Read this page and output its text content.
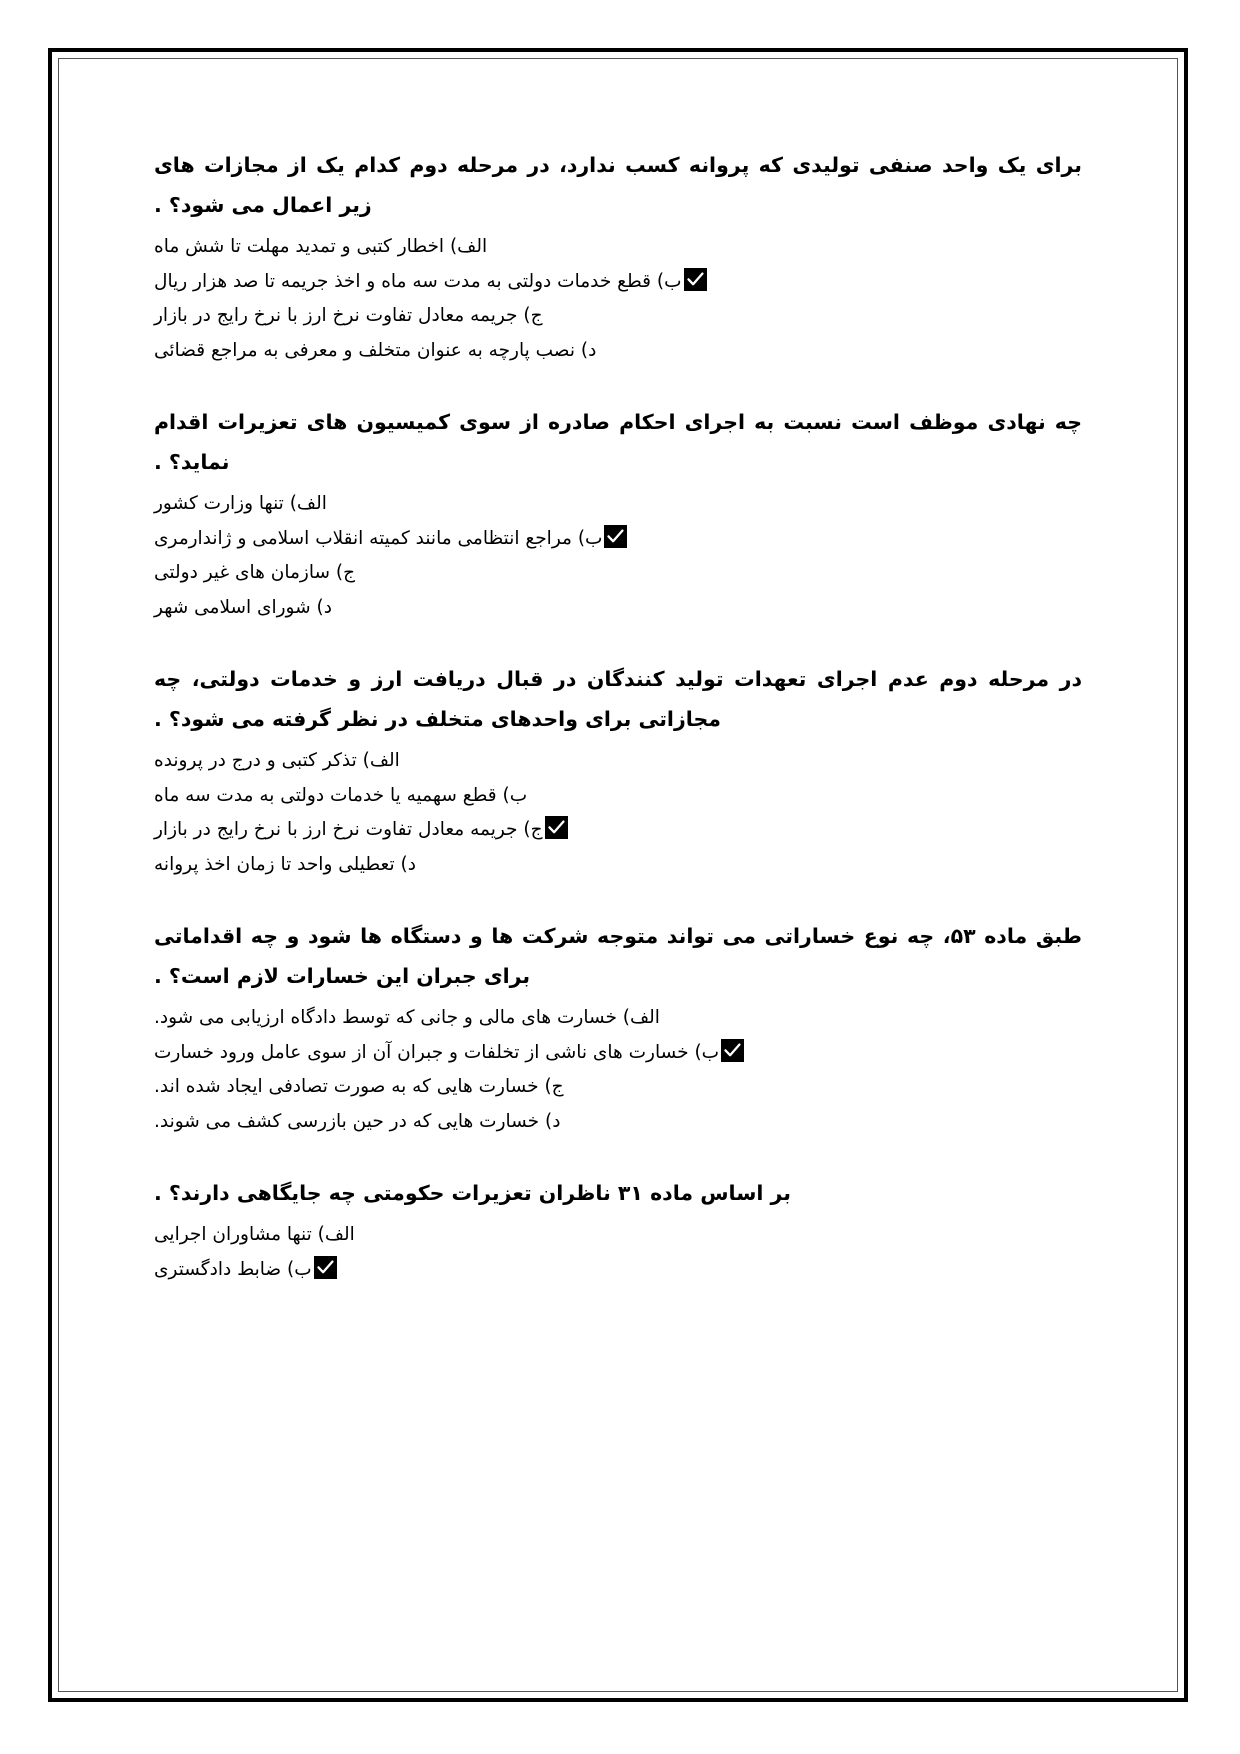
برای یک واحد صنفی تولیدی که پروانه کسب ندارد، در مرحله دوم کدام یک از مجازات های زیر اعمال می شود؟ .

الف) اخطار کتبی و تمدید مهلت تا شش ماه
ب) قطع خدمات دولتی به مدت سه ماه و اخذ جریمه تا صد هزار ریال
ج) جریمه معادل تفاوت نرخ ارز با نرخ رایج در بازار
د) نصب پارچه به عنوان متخلف و معرفی به مراجع قضائی

چه نهادی موظف است نسبت به اجرای احکام صادره از سوی کمیسیون های تعزیرات اقدام نماید؟ .

الف) تنها وزارت کشور
ب) مراجع انتظامی مانند کمیته انقلاب اسلامی و ژاندارمری
ج) سازمان های غیر دولتی
د) شورای اسلامی شهر

در مرحله دوم عدم اجرای تعهدات تولید کنندگان در قبال دریافت ارز و خدمات دولتی، چه مجازاتی برای واحدهای متخلف در نظر گرفته می شود؟ .

الف) تذکر کتبی و درج در پرونده
ب) قطع سهمیه یا خدمات دولتی به مدت سه ماه
ج) جریمه معادل تفاوت نرخ ارز با نرخ رایج در بازار
د) تعطیلی واحد تا زمان اخذ پروانه

طبق ماده ۵۳، چه نوع خساراتی می تواند متوجه شرکت ها و دستگاه ها شود و چه اقداماتی برای جبران این خسارات لازم است؟ .

الف) خسارت های مالی و جانی که توسط دادگاه ارزیابی می شود.
ب) خسارت های ناشی از تخلفات و جبران آن از سوی عامل ورود خسارت
ج) خسارت هایی که به صورت تصادفی ایجاد شده اند.
د) خسارت هایی که در حین بازرسی کشف می شوند.

بر اساس ماده ۳۱ ناظران تعزیرات حکومتی چه جایگاهی دارند؟ .

الف) تنها مشاوران اجرایی
ب) ضابط دادگستری
